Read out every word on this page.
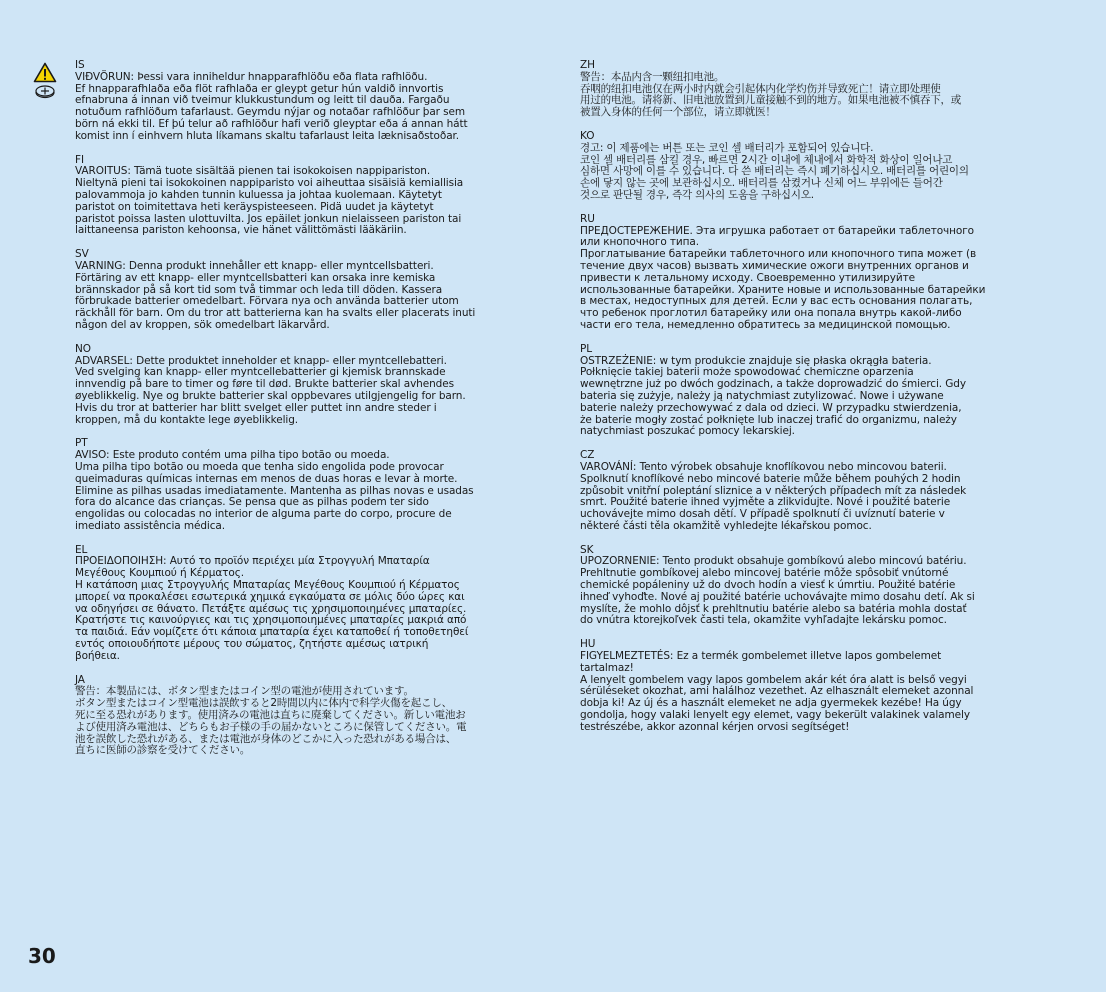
IS

VIÐVÖRUN: Þessi vara inniheldur hnapparafhlöðu eða flata rafhlöðu.

Ef hnapparafhlaða eða flöt rafhlaða er gleypt getur hún valdið innvortis

efnabruna á innan við tveimur klukkustundum og leitt til dauða. Fargaðu

notuðum rafhlöðum tafarlaust. Geymdu nýjar og notaðar rafhlöður þar sem

börn ná ekki til. Ef þú telur að rafhlöður hafi verið gleyptar eða á annan hátt

komist inn í einhvern hluta líkamans skaltu tafarlaust leita læknisaðstoðar.

FI

VAROITUS: Tämä tuote sisältää pienen tai isokokoisen nappipariston.

Nieltynä pieni tai isokokoinen nappiparisto voi aiheuttaa sisäisiä kemiallisia

palovammoja jo kahden tunnin kuluessa ja johtaa kuolemaan. Käytetyt

paristot on toimitettava heti keräyspisteeseen. Pidä uudet ja käytetyt

paristot poissa lasten ulottuvilta. Jos epäilet jonkun nielaisseen pariston tai

laittaneensa pariston kehoonsa, vie hänet välittömästi lääkäriin.

SV

VARNING: Denna produkt innehåller ett knapp- eller myntcellsbatteri.

Förtäring av ett knapp- eller myntcellsbatteri kan orsaka inre kemiska

brännskador på så kort tid som två timmar och leda till döden. Kassera

förbrukade batterier omedelbart. Förvara nya och använda batterier utom

räckhåll för barn. Om du tror att batterierna kan ha svalts eller placerats inuti

någon del av kroppen, sök omedelbart läkarvård.

NO

ADVARSEL: Dette produktet inneholder et knapp- eller myntcellebatteri.

Ved svelging kan knapp- eller myntcellebatterier gi kjemisk brannskade

innvendig på bare to timer og føre til død. Brukte batterier skal avhendes

øyeblikkelig. Nye og brukte batterier skal oppbevares utilgjengelig for barn.

Hvis du tror at batterier har blitt svelget eller puttet inn andre steder i

kroppen, må du kontakte lege øyeblikkelig.

PT

AVISO: Este produto contém uma pilha tipo botão ou moeda.

Uma pilha tipo botão ou moeda que tenha sido engolida pode provocar

queimaduras químicas internas em menos de duas horas e levar à morte.

Elimine as pilhas usadas imediatamente. Mantenha as pilhas novas e usadas

fora do alcance das crianças. Se pensa que as pilhas podem ter sido

engolidas ou colocadas no interior de alguma parte do corpo, procure de

imediato assistência médica.

EL

ΠΡΟΕΙΔΟΠΟΙΗΣΗ: Αυτό το προϊόν περιέχει μία Στρογγυλή Μπαταρία

Μεγέθους Κουμπιού ή Κέρματος.

Η κατάποση μιας Στρογγυλής Μπαταρίας Μεγέθους Κουμπιού ή Κέρματος

μπορεί να προκαλέσει εσωτερικά χημικά εγκαύματα σε μόλις δύο ώρες και

να οδηγήσει σε θάνατο. Πετάξτε αμέσως τις χρησιμοποιημένες μπαταρίες.

Κρατήστε τις καινούργιες και τις χρησιμοποιημένες μπαταρίες μακριά από

τα παιδιά. Εάν νομίζετε ότι κάποια μπαταρία έχει καταποθεί ή τοποθετηθεί

εντός οποιουδήποτε μέρους του σώματος, ζητήστε αμέσως ιατρική

βοήθεια.

JA

警告：本製品には、ボタン型またはコイン型の電池が使用されています。

ボタン型またはコイン型電池は誤飲すると2時間以内に体内で科学火傷を起こし、

死に至る恐れがあります。使用済みの電池は直ちに廃棄してください。新しい電池お

よび使用済み電池は、どちらもお子様の手の届かないところに保管してください。電

池を誤飲した恐れがある、または電池が身体のどこかに入った恐れがある場合は、

直ちに医師の診察を受けてください。

ZH

警告：本品内含一颗纽扣电池。

吞咽的纽扣电池仅在两小时内就会引起体内化学灼伤并导致死亡！请立即处理使

用过的电池。请将新、旧电池放置到儿童接触不到的地方。如果电池被不慎吞下，或

被置入身体的任何一个部位，请立即就医！

KO

경고: 이 제품에는 버튼 또는 코인 셀 배터리가 포함되어 있습니다.

코인 셀 배터리를 삼킬 경우, 빠르면 2시간 이내에 체내에서 화학적 화상이 일어나고

심하면 사망에 이를 수 있습니다. 다 쓴 배터리는 즉시 폐기하십시오. 배터리를 어린이의

손에 닿지 않는 곳에 보관하십시오. 배터리를 삼켰거나 신체 어느 부위에든 들어간

것으로 판단될 경우, 즉각 의사의 도움을 구하십시오.

RU

ПРЕДОСТЕРЕЖЕНИЕ. Эта игрушка работает от батарейки таблеточного

или кнопочного типа.

Проглатывание батарейки таблеточного или кнопочного типа может (в

течение двух часов) вызвать химические ожоги внутренних органов и

привести к летальному исходу. Своевременно утилизируйте

использованные батарейки. Храните новые и использованные батарейки

в местах, недоступных для детей. Если у вас есть основания полагать,

что ребенок проглотил батарейку или она попала внутрь какой-либо

части его тела, немедленно обратитесь за медицинской помощью.

PL

OSTRZEŻENIE: w tym produkcie znajduje się płaska okrągła bateria.

Połknięcie takiej baterii może spowodować chemiczne oparzenia

wewnętrzne już po dwóch godzinach, a także doprowadzić do śmierci. Gdy

bateria się zużyje, należy ją natychmiast zutylizować. Nowe i używane

baterie należy przechowywać z dala od dzieci. W przypadku stwierdzenia,

że baterie mogły zostać połknięte lub inaczej trafić do organizmu, należy

natychmiast poszukać pomocy lekarskiej.

CZ

VAROVÁNÍ: Tento výrobek obsahuje knoflíkovou nebo mincovou baterii.

Spolknutí knoflíkové nebo mincové baterie může během pouhých 2 hodin

způsobit vnitřní poleptání sliznice a v některých případech mít za následek

smrt. Použité baterie ihned vyjměte a zlikvidujte. Nové i použité baterie

uchovávejte mimo dosah dětí. V případě spolknutí či uvíznutí baterie v

některé části těla okamžitě vyhledejte lékařskou pomoc.

SK

UPOZORNENIE: Tento produkt obsahuje gombíkovú alebo mincovú batériu.

Prehltnutie gombíkovej alebo mincovej batérie môže spôsobiť vnútorné

chemické popáleniny už do dvoch hodín a viesť k úmrtiu. Použité batérie

ihneď vyhoďte. Nové aj použité batérie uchovávajte mimo dosahu detí. Ak si

myslíte, že mohlo dôjsť k prehltnutiu batérie alebo sa batéria mohla dostať

do vnútra ktorejkoľvek časti tela, okamžite vyhľadajte lekársku pomoc.

HU

FIGYELMEZTETÉS: Ez a termék gombelemet illetve lapos gombelemet

tartalmaz!

A lenyelt gombelem vagy lapos gombelem akár két óra alatt is belső vegyi

sérüléseket okozhat, ami halálhoz vezethet. Az elhasznált elemeket azonnal

dobja ki! Az új és a használt elemeket ne adja gyermekek kezébe! Ha úgy

gondolja, hogy valaki lenyelt egy elemet, vagy bekerült valakinek valamely

testrészébe, akkor azonnal kérjen orvosi segítséget!

30
